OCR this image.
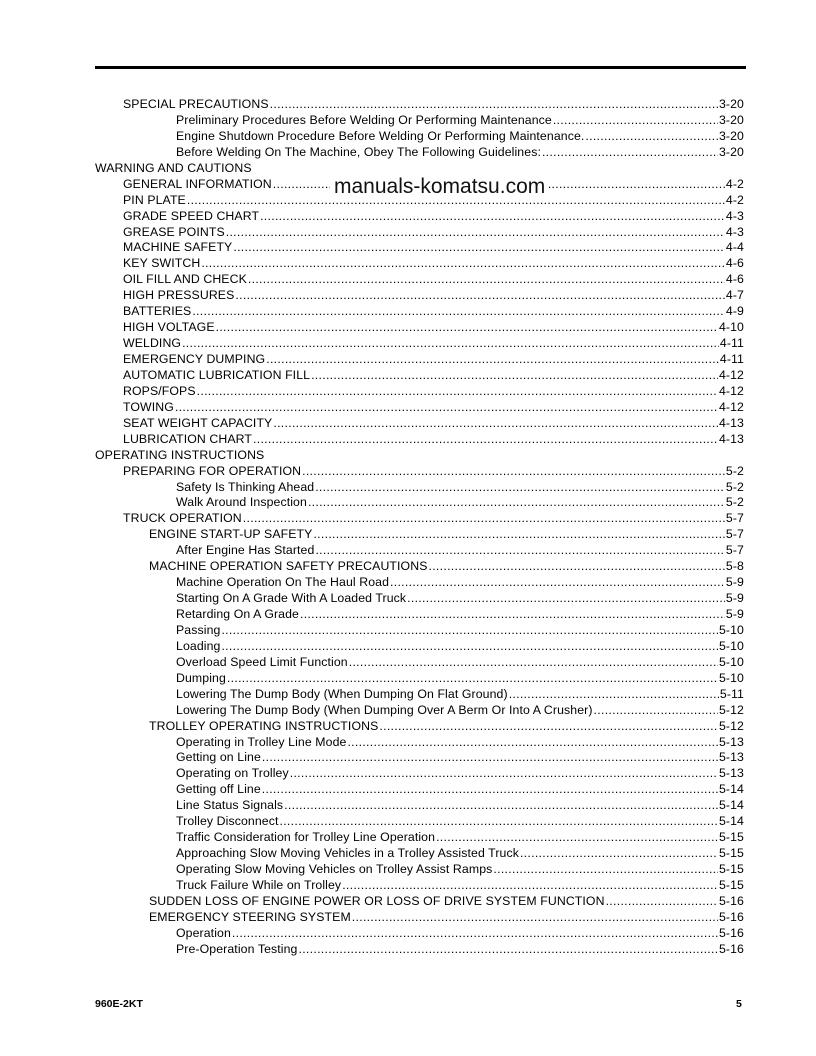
SPECIAL PRECAUTIONS .....	3-20
Preliminary Procedures Before Welding Or Performing Maintenance .....	3-20
Engine Shutdown Procedure Before Welding Or Performing Maintenance. .....	3-20
Before Welding On The Machine, Obey The Following Guidelines: .....	3-20
WARNING AND CAUTIONS
GENERAL INFORMATION .....	4-2
PIN PLATE .....	4-2
GRADE SPEED CHART .....	4-3
GREASE POINTS .....	4-3
MACHINE SAFETY .....	4-4
KEY SWITCH .....	4-6
OIL FILL AND CHECK .....	4-6
HIGH PRESSURES .....	4-7
BATTERIES .....	4-9
HIGH VOLTAGE .....	4-10
WELDING .....	4-11
EMERGENCY DUMPING .....	4-11
AUTOMATIC LUBRICATION FILL .....	4-12
ROPS/FOPS .....	4-12
TOWING .....	4-12
SEAT WEIGHT CAPACITY .....	4-13
LUBRICATION CHART .....	4-13
OPERATING INSTRUCTIONS
PREPARING FOR OPERATION .....	5-2
Safety Is Thinking Ahead .....	5-2
Walk Around Inspection .....	5-2
TRUCK OPERATION .....	5-7
ENGINE START-UP SAFETY .....	5-7
After Engine Has Started .....	5-7
MACHINE OPERATION SAFETY PRECAUTIONS .....	5-8
Machine Operation On The Haul Road .....	5-9
Starting On A Grade With A Loaded Truck .....	5-9
Retarding On A Grade .....	5-9
Passing .....	5-10
Loading .....	5-10
Overload Speed Limit Function .....	5-10
Dumping .....	5-10
Lowering The Dump Body (When Dumping On Flat Ground) .....	5-11
Lowering The Dump Body (When Dumping Over A Berm Or Into A Crusher) .....	5-12
TROLLEY OPERATING INSTRUCTIONS .....	5-12
Operating in Trolley Line Mode .....	5-13
Getting on Line .....	5-13
Operating on Trolley .....	5-13
Getting off Line .....	5-14
Line Status Signals .....	5-14
Trolley Disconnect .....	5-14
Traffic Consideration for Trolley Line Operation .....	5-15
Approaching Slow Moving Vehicles in a Trolley Assisted Truck .....	5-15
Operating Slow Moving Vehicles on Trolley Assist Ramps .....	5-15
Truck Failure While on Trolley .....	5-15
SUDDEN LOSS OF ENGINE POWER OR LOSS OF DRIVE SYSTEM FUNCTION .....	5-16
EMERGENCY STEERING SYSTEM .....	5-16
Operation .....	5-16
Pre-Operation Testing .....	5-16
manuals-komatsu.com
960E-2KT	5
